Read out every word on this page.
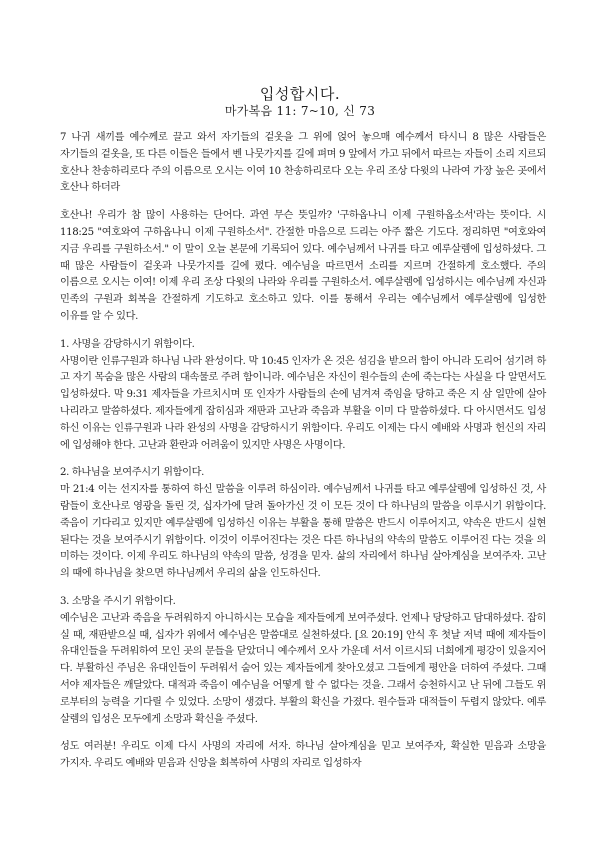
입성합시다.
마가복음 11: 7~10, 신 73

7 나귀 새끼를 예수께로 끌고 와서 자기들의 겉옷을 그 위에 얹어 놓으매 예수께서 타시니 8 많은 사람들은 자기들의 겉옷을, 또 다른 이들은 들에서 벤 나뭇가지를 길에 펴며 9 앞에서 가고 뒤에서 따르는 자들이 소리 지르되 호산나 찬송하리로다 주의 이름으로 오시는 이여 10 찬송하리로다 오는 우리 조상 다윗의 나라여 가장 높은 곳에서 호산나 하더라

호산나! 우리가 참 많이 사용하는 단어다. 과연 무슨 뜻일까? '구하옵나니 이제 구원하옵소서'라는 뜻이다. 시 118:25 "여호와여 구하옵나니 이제 구원하소서". 간절한 마음으로 드리는 아주 짧은 기도다. 정리하면 "여호와여 지금 우리를 구원하소서." 이 말이 오늘 본문에 기록되어 있다. 예수님께서 나귀를 타고 예루살렘에 입성하셨다. 그 때 많은 사람들이 겉옷과 나뭇가지를 길에 폈다. 예수님을 따르면서 소리를 지르며 간절하게 호소했다. 주의 이름으로 오시는 이여! 이제 우리 조상 다윗의 나라와 우리를 구원하소서. 예루살렘에 입성하시는 예수님께 자신과 민족의 구원과 회복을 간절하게 기도하고 호소하고 있다. 이를 통해서 우리는 예수님께서 예루살렘에 입성한 이유를 알 수 있다.

1. 사명을 감당하시기 위함이다.

사명이란 인류구원과 하나님 나라 완성이다. 막 10:45 인자가 온 것은 섬김을 받으러 함이 아니라 도리어 섬기려 하고 자기 목숨을 많은 사람의 대속물로 주려 함이니라. 예수님은 자신이 원수들의 손에 죽는다는 사실을 다 알면서도 입성하셨다. 막 9:31 제자들을 가르치시며 또 인자가 사람들의 손에 넘겨져 죽임을 당하고 죽은 지 삼 일만에 살아나리라고 말씀하셨다. 제자들에게 잡히심과 재판과 고난과 죽음과 부활을 이미 다 말씀하셨다. 다 아시면서도 입성하신 이유는 인류구원과 나라 완성의 사명을 감당하시기 위함이다. 우리도 이제는 다시 예배와 사명과 헌신의 자리에 입성해야 한다. 고난과 환란과 어려움이 있지만 사명은 사명이다.

2. 하나님을 보여주시기 위함이다.

마 21:4 이는 선지자를 통하여 하신 말씀을 이루려 하심이라. 예수님께서 나귀를 타고 예루살렘에 입성하신 것, 사람들이 호산나로 영광을 돌린 것, 십자가에 달려 돌아가신 것 이 모든 것이 다 하나님의 말씀을 이루시기 위함이다. 죽음이 기다리고 있지만 예루살렘에 입성하신 이유는 부활을 통해 말씀은 반드시 이루어지고, 약속은 반드시 실현된다는 것을 보여주시기 위함이다. 이것이 이루어진다는 것은 다른 하나님의 약속의 말씀도 이루어진 다는 것을 의미하는 것이다. 이제 우리도 하나님의 약속의 말씀, 성경을 믿자. 삶의 자리에서 하나님 살아계심을 보여주자. 고난의 때에 하나님을 찾으면 하나님께서 우리의 삶을 인도하신다.

3. 소망을 주시기 위함이다.

예수님은 고난과 죽음을 두려워하지 아니하시는 모습을 제자들에게 보여주셨다. 언제나 당당하고 담대하셨다. 잡히실 때, 재판받으실 때, 십자가 위에서 예수님은 말씀대로 실천하셨다. [요 20:19] 안식 후 첫날 저녁 때에 제자들이 유대인들을 두려워하여 모인 곳의 문들을 닫았더니 예수께서 오사 가운데 서서 이르시되 너희에게 평강이 있을지어다. 부활하신 주님은 유대인들이 두려워서 숨어 있는 제자들에게 찾아오셨고 그들에게 평안을 더하여 주셨다. 그때서야 제자들은 깨달았다. 대적과 죽음이 예수님을 어떻게 할 수 없다는 것을. 그래서 승천하시고 난 뒤에 그들도 위로부터의 능력을 기다릴 수 있었다. 소망이 생겼다. 부활의 확신을 가졌다. 원수들과 대적들이 두렵지 않았다. 예루살렘의 입성은 모두에게 소망과 확신을 주셨다.

성도 여러분! 우리도 이제 다시 사명의 자리에 서자. 하나님 살아계심을 믿고 보여주자, 확실한 믿음과 소망을 가지자. 우리도 예배와 믿음과 신앙을 회복하여 사명의 자리로 입성하자
